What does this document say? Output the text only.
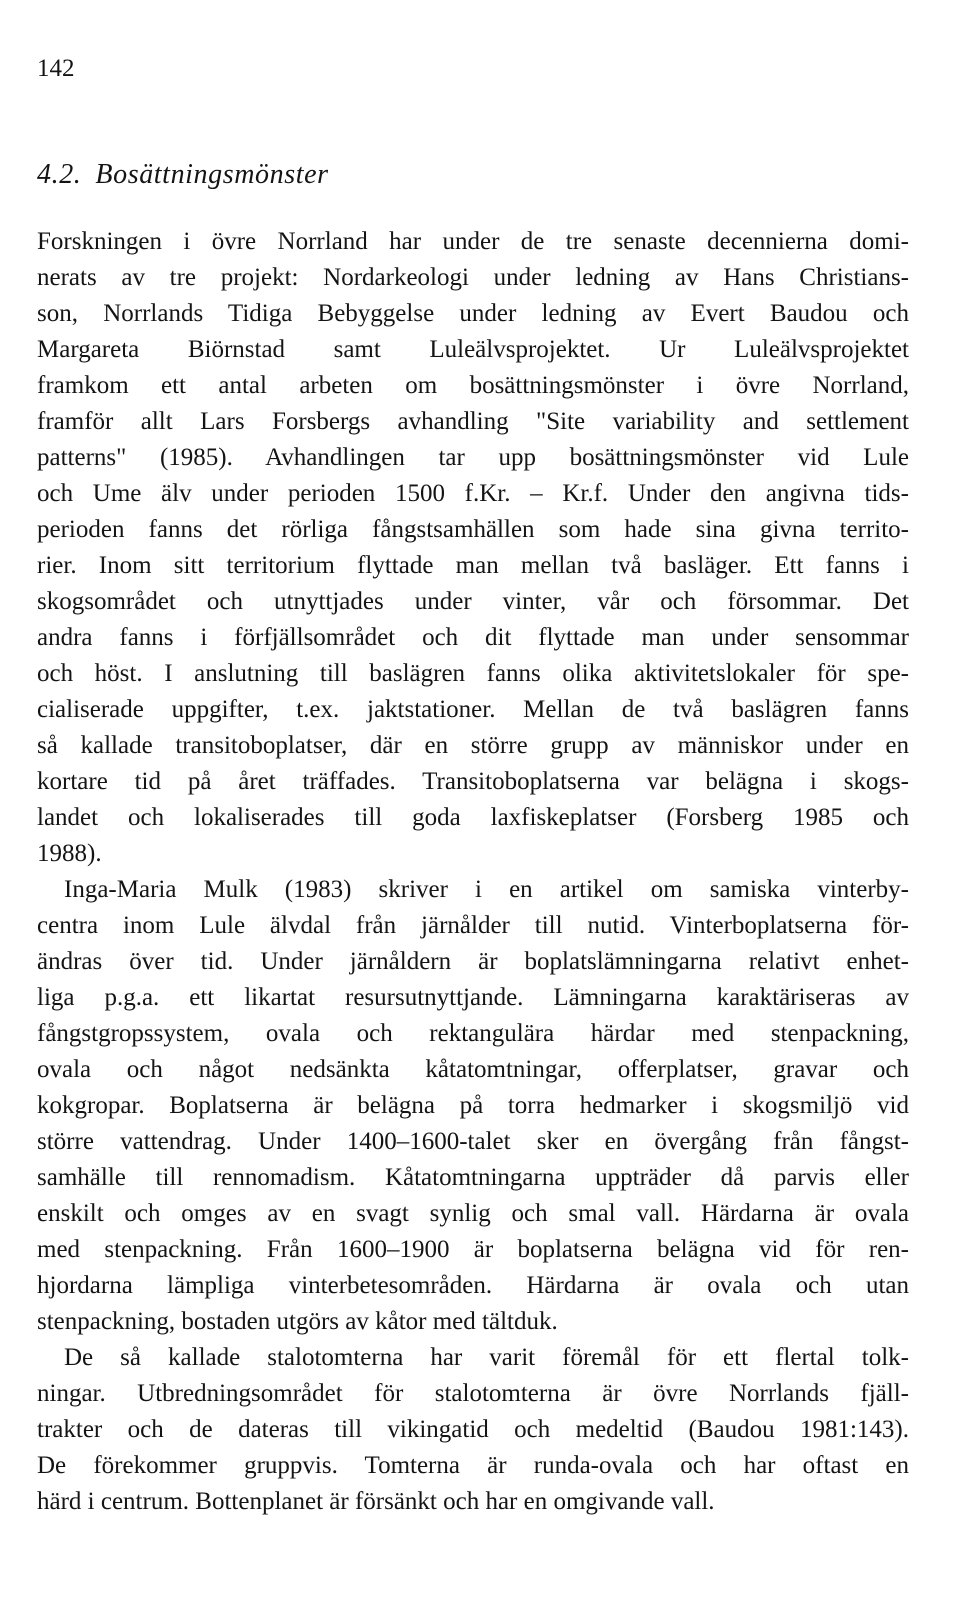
142

4.2. Bosättningsmönster
Forskningen i övre Norrland har under de tre senaste decennierna domi-
nerats av tre projekt: Nordarkeologi under ledning av Hans Christians-
son, Norrlands Tidiga Bebyggelse under ledning av Evert Baudou och
Margareta Biörnstad samt Luleälvsprojektet. Ur Luleälvsprojektet
framkom ett antal arbeten om bosättningsmönster i övre Norrland,
framför allt Lars Forsbergs avhandling "Site variability and settlement
patterns" (1985). Avhandlingen tar upp bosättningsmönster vid Lule
och Ume älv under perioden 1500 f.Kr. – Kr.f. Under den angivna tids-
perioden fanns det rörliga fångstsamhällen som hade sina givna territo-
rier. Inom sitt territorium flyttade man mellan två basläger. Ett fanns i
skogsområdet och utnyttjades under vinter, vår och försommar. Det
andra fanns i förfjällsområdet och dit flyttade man under sensommar
och höst. I anslutning till baslägren fanns olika aktivitetslokaler för spe-
cialiserade uppgifter, t.ex. jaktstationer. Mellan de två baslägren fanns
så kallade transitoboplatser, där en större grupp av människor under en
kortare tid på året träffades. Transitoboplatserna var belägna i skogs-
landet och lokaliserades till goda laxfiskeplatser (Forsberg 1985 och
1988).
Inga-Maria Mulk (1983) skriver i en artikel om samiska vinterby-
centra inom Lule älvdal från järnålder till nutid. Vinterboplatserna för-
ändras över tid. Under järnåldern är boplatslämningarna relativt enhet-
liga p.g.a. ett likartat resursutnyttjande. Lämningarna karaktäriseras av
fångstgropssystem, ovala och rektangulära härdar med stenpackning,
ovala och något nedsänkta kåtatomtningar, offerplatser, gravar och
kokgropar. Boplatserna är belägna på torra hedmarker i skogsmiljö vid
större vattendrag. Under 1400–1600-talet sker en övergång från fångst-
samhälle till rennomadism. Kåtatomtningarna uppträder då parvis eller
enskilt och omges av en svagt synlig och smal vall. Härdarna är ovala
med stenpackning. Från 1600–1900 är boplatserna belägna vid för ren-
hjordarna lämpliga vinterbetesområden. Härdarna är ovala och utan
stenpackning, bostaden utgörs av kåtor med tältduk.
De så kallade stalotomterna har varit föremål för ett flertal tolk-
ningar. Utbredningsområdet för stalotomterna är övre Norrlands fjäll-
trakter och de dateras till vikingatid och medeltid (Baudou 1981:143).
De förekommer gruppvis. Tomterna är runda-ovala och har oftast en
härd i centrum. Bottenplanet är försänkt och har en omgivande vall.
